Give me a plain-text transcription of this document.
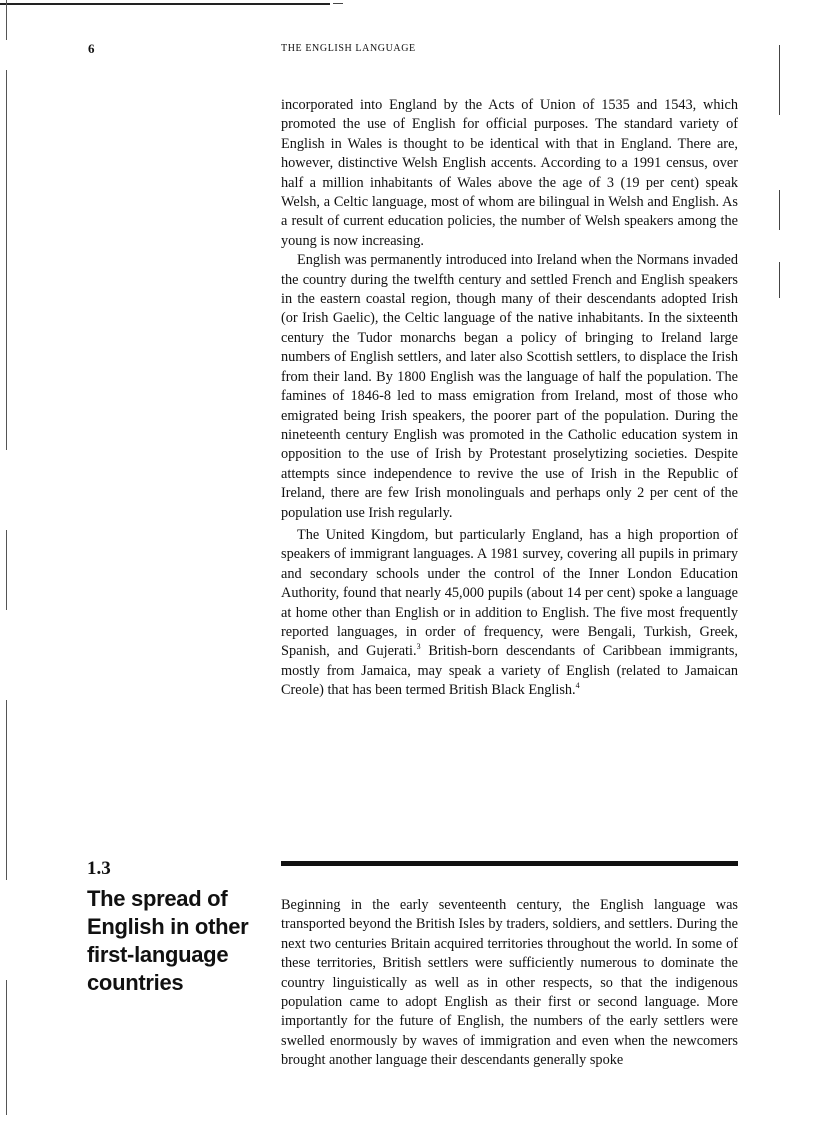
6	THE ENGLISH LANGUAGE

incorporated into England by the Acts of Union of 1535 and 1543, which promoted the use of English for official purposes. The standard variety of English in Wales is thought to be identical with that in England. There are, however, distinctive Welsh English accents. According to a 1991 census, over half a million inhabitants of Wales above the age of 3 (19 per cent) speak Welsh, a Celtic language, most of whom are bilingual in Welsh and English. As a result of current education policies, the number of Welsh speakers among the young is now increasing.

English was permanently introduced into Ireland when the Normans invaded the country during the twelfth century and settled French and English speakers in the eastern coastal region, though many of their descendants adopted Irish (or Irish Gaelic), the Celtic language of the native inhabitants. In the sixteenth century the Tudor monarchs began a policy of bringing to Ireland large numbers of English settlers, and later also Scottish settlers, to displace the Irish from their land. By 1800 English was the language of half the population. The famines of 1846-8 led to mass emigration from Ireland, most of those who emigrated being Irish speakers, the poorer part of the population. During the nineteenth century English was promoted in the Catholic education system in opposition to the use of Irish by Protestant proselytizing societies. Despite attempts since independence to revive the use of Irish in the Republic of Ireland, there are few Irish monolinguals and perhaps only 2 per cent of the population use Irish regularly.

The United Kingdom, but particularly England, has a high proportion of speakers of immigrant languages. A 1981 survey, covering all pupils in primary and secondary schools under the control of the Inner London Education Authority, found that nearly 45,000 pupils (about 14 per cent) spoke a language at home other than English or in addition to English. The five most frequently reported languages, in order of frequency, were Bengali, Turkish, Greek, Spanish, and Gujerati.$^3$ British-born descendants of Caribbean immigrants, mostly from Jamaica, may speak a variety of English (related to Jamaican Creole) that has been termed British Black English.$^4$

1.3
The spread of English in other first-language countries

Beginning in the early seventeenth century, the English language was transported beyond the British Isles by traders, soldiers, and settlers. During the next two centuries Britain acquired territories throughout the world. In some of these territories, British settlers were sufficiently numerous to dominate the country linguistically as well as in other respects, so that the indigenous population came to adopt English as their first or second language. More importantly for the future of English, the numbers of the early settlers were swelled enormously by waves of immigration and even when the newcomers brought another language their descendants generally spoke
